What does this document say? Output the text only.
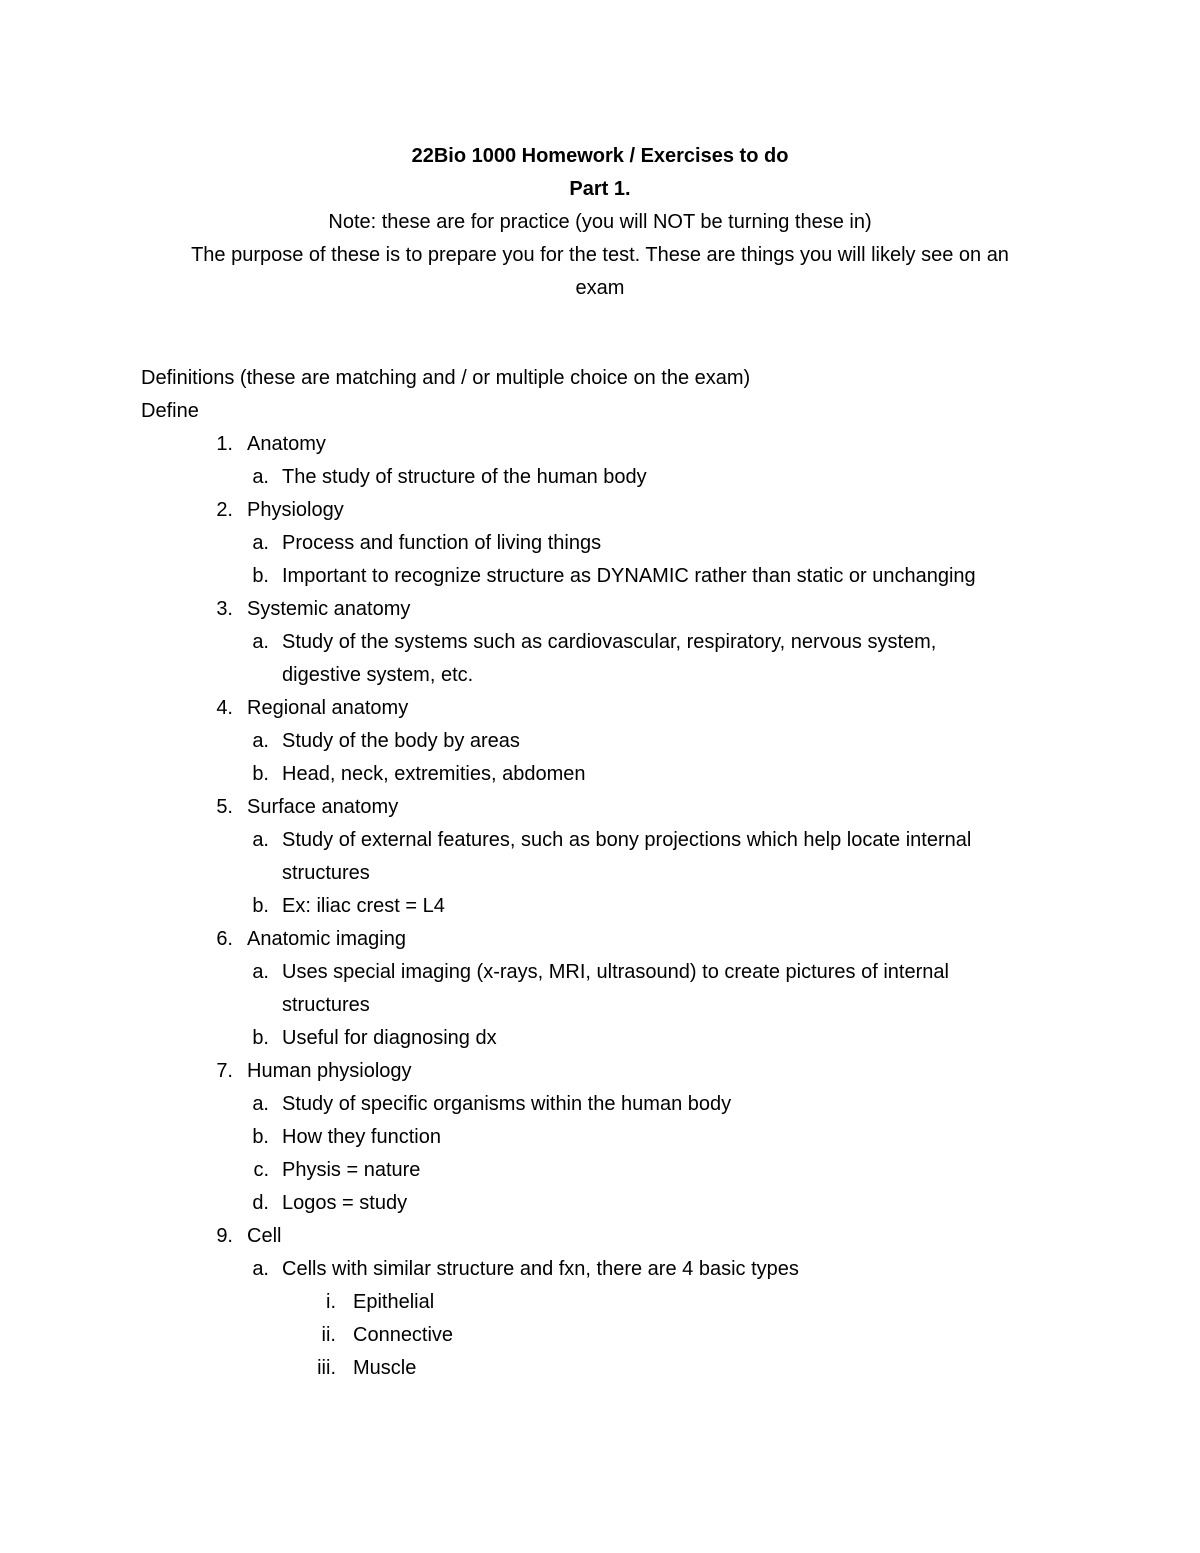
22Bio 1000 Homework / Exercises to do
Part 1.
Note: these are for practice (you will NOT be turning these in)
The purpose of these is to prepare you for the test. These are things you will likely see on an
exam
Definitions (these are matching and / or multiple choice on the exam)
Define
1. Anatomy
a. The study of structure of the human body
2. Physiology
a. Process and function of living things
b. Important to recognize structure as DYNAMIC rather than static or unchanging
3. Systemic anatomy
a. Study of the systems such as cardiovascular, respiratory, nervous system,
digestive system, etc.
4. Regional anatomy
a. Study of the body by areas
b. Head, neck, extremities, abdomen
5. Surface anatomy
a. Study of external features, such as bony projections which help locate internal
structures
b. Ex: iliac crest = L4
6. Anatomic imaging
a. Uses special imaging (x-rays, MRI, ultrasound) to create pictures of internal
structures
b. Useful for diagnosing dx
7. Human physiology
a. Study of specific organisms within the human body
b. How they function
c. Physis = nature
d. Logos = study
9. Cell
a. Cells with similar structure and fxn, there are 4 basic types
i. Epithelial
ii. Connective
iii. Muscle
